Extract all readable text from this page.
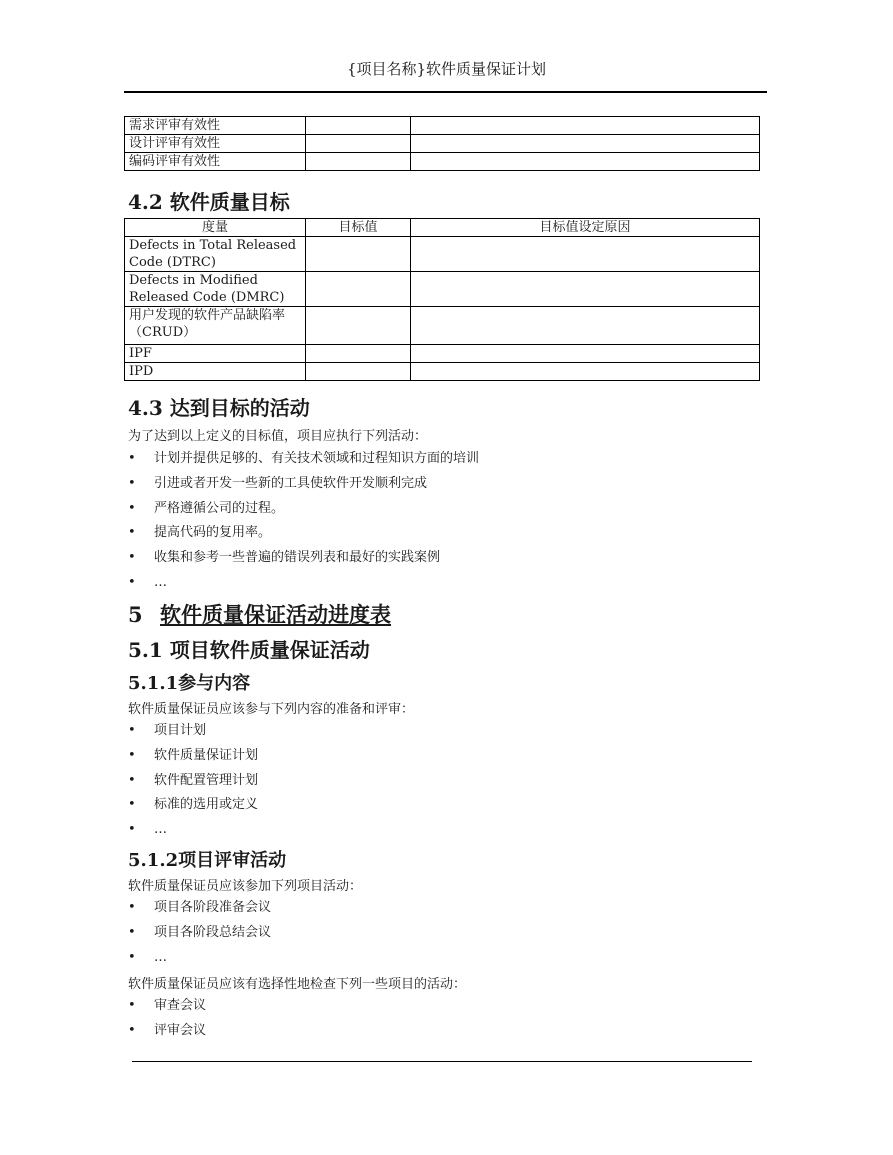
{项目名称}软件质量保证计划
需求评审有效性		
设计评审有效性		
编码评审有效性		
4.2 软件质量目标
度量	目标值	目标值设定原因
Defects in Total Released Code (DTRC)		
Defects in Modified Released Code (DMRC)		
用户发现的软件产品缺陷率（CRUD）		
IPF		
IPD		
4.3 达到目标的活动

为了达到以上定义的目标值，项目应执行下列活动：

• 计划并提供足够的、有关技术领域和过程知识方面的培训
• 引进或者开发一些新的工具使软件开发顺利完成
• 严格遵循公司的过程。
• 提高代码的复用率。
• 收集和参考一些普遍的错误列表和最好的实践案例
• …
5 软件质量保证活动进度表
5.1 项目软件质量保证活动
5.1.1参与内容

软件质量保证员应该参与下列内容的准备和评审：

• 项目计划
• 软件质量保证计划
• 软件配置管理计划
• 标准的选用或定义
• …
5.1.2项目评审活动

软件质量保证员应该参加下列项目活动：

• 项目各阶段准备会议
• 项目各阶段总结会议
• …

软件质量保证员应该有选择性地检查下列一些项目的活动：

• 审查会议
• 评审会议
